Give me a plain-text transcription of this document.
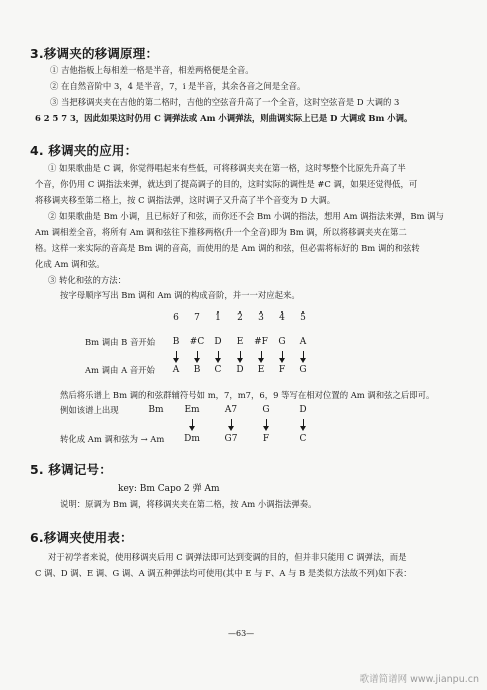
3.移调夹的移调原理：
① 吉他指板上每相差一格是半音，相差两格便是全音。
② 在自然音阶中 3，4 是半音，7，i 是半音，其余各音之间是全音。
③ 当把移调夹夹在吉他的第二格时，吉他的空弦音升高了一个全音，这时空弦音是 D 大调的 3
6 2 5 7 3，因此如果这时仍用 C 调弹法或 Am 小调弹法，则曲调实际上已是 D 大调或 Bm 小调。
4. 移调夹的应用：
① 如果歌曲是 C 调，你觉得唱起来有些低，可将移调夹夹在第一格，这时琴整个比原先升高了半
个音，你仍用 C 调指法来弹，就达到了提高调子的目的，这时实际的调性是 #C 调，如果还觉得低，可
将移调夹移至第二格上，按 C 调指法弹，这时调子又升高了半个音变为 D 大调。
② 如果歌曲是 Bm 小调，且已标好了和弦，而你还不会 Bm 小调的指法，想用 Am 调指法来弹，Bm 调与
Am 调相差全音，将所有 Am 调和弦往下推移两格(升一个全音)即为 Bm 调，所以将移调夹夹在第二
格。这样一来实际的音高是 Bm 调的音高，而使用的是 Am 调的和弦，但必需将标好的 Bm 调的和弦转
化成 Am 调和弦。
③ 转化和弦的方法：
按字母顺序写出 Bm 调和 Am 调的构成音阶，并一一对应起来。
6	7	1	2	3	4	5
Bm 调由 B 音开始	B	#C	D	E	#F	G	A
Am 调由 A 音开始	A	B	C	D	E	F	G
然后将乐谱上 Bm 调的和弦群辅符号如 m，7，m7，6，9 等写在相对位置的 Am 调和弦之后即可。
例如该谱上出现	Bm Em	A7	G	D
转化成 Am 调和弦为 → Am Dm	G7	F	C
5. 移调记号：
key: Bm Capo 2 弹 Am
说明：原调为 Bm 调，将移调夹夹在第二格，按 Am 小调指法弹奏。
6.移调夹使用表：
对于初学者来说，使用移调夹后用 C 调弹法即可达到变调的目的，但并非只能用 C 调弹法，而是
C 调、D 调、E 调、G 调、A 调五种弹法均可使用(其中 E 与 F、A 与 B 是类似方法故不列)如下表：
—63—
歌谱简谱网 www.jianpu.cn
